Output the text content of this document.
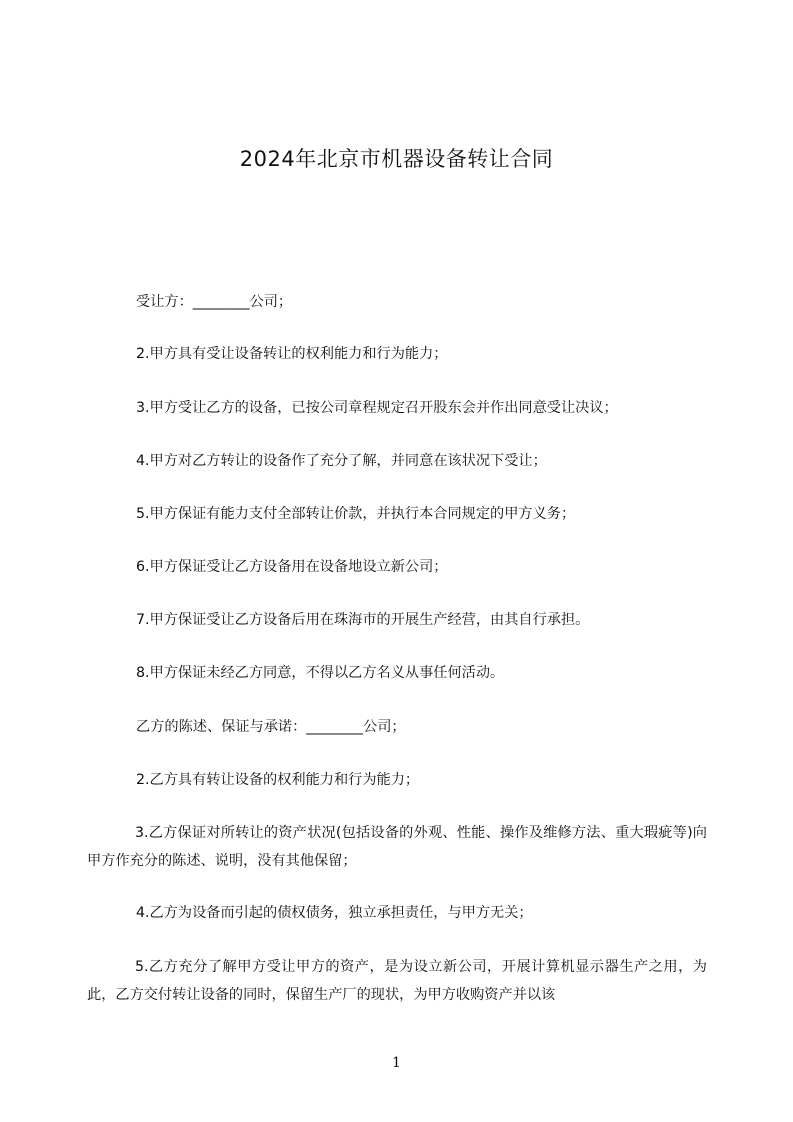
2024年北京市机器设备转让合同
受让方：________公司；
2.甲方具有受让设备转让的权利能力和行为能力；
3.甲方受让乙方的设备，已按公司章程规定召开股东会并作出同意受让决议；
4.甲方对乙方转让的设备作了充分了解，并同意在该状况下受让；
5.甲方保证有能力支付全部转让价款，并执行本合同规定的甲方义务；
6.甲方保证受让乙方设备用在设备地设立新公司；
7.甲方保证受让乙方设备后用在珠海市的开展生产经营，由其自行承担。
8.甲方保证未经乙方同意，不得以乙方名义从事任何活动。
乙方的陈述、保证与承诺：________公司；
2.乙方具有转让设备的权利能力和行为能力；
3.乙方保证对所转让的资产状况(包括设备的外观、性能、操作及维修方法、重大瑕疵等)向甲方作充分的陈述、说明，没有其他保留；
4.乙方为设备而引起的债权债务，独立承担责任，与甲方无关；
5.乙方充分了解甲方受让甲方的资产，是为设立新公司，开展计算机显示器生产之用，为此，乙方交付转让设备的同时，保留生产厂的现状，为甲方收购资产并以该
1
